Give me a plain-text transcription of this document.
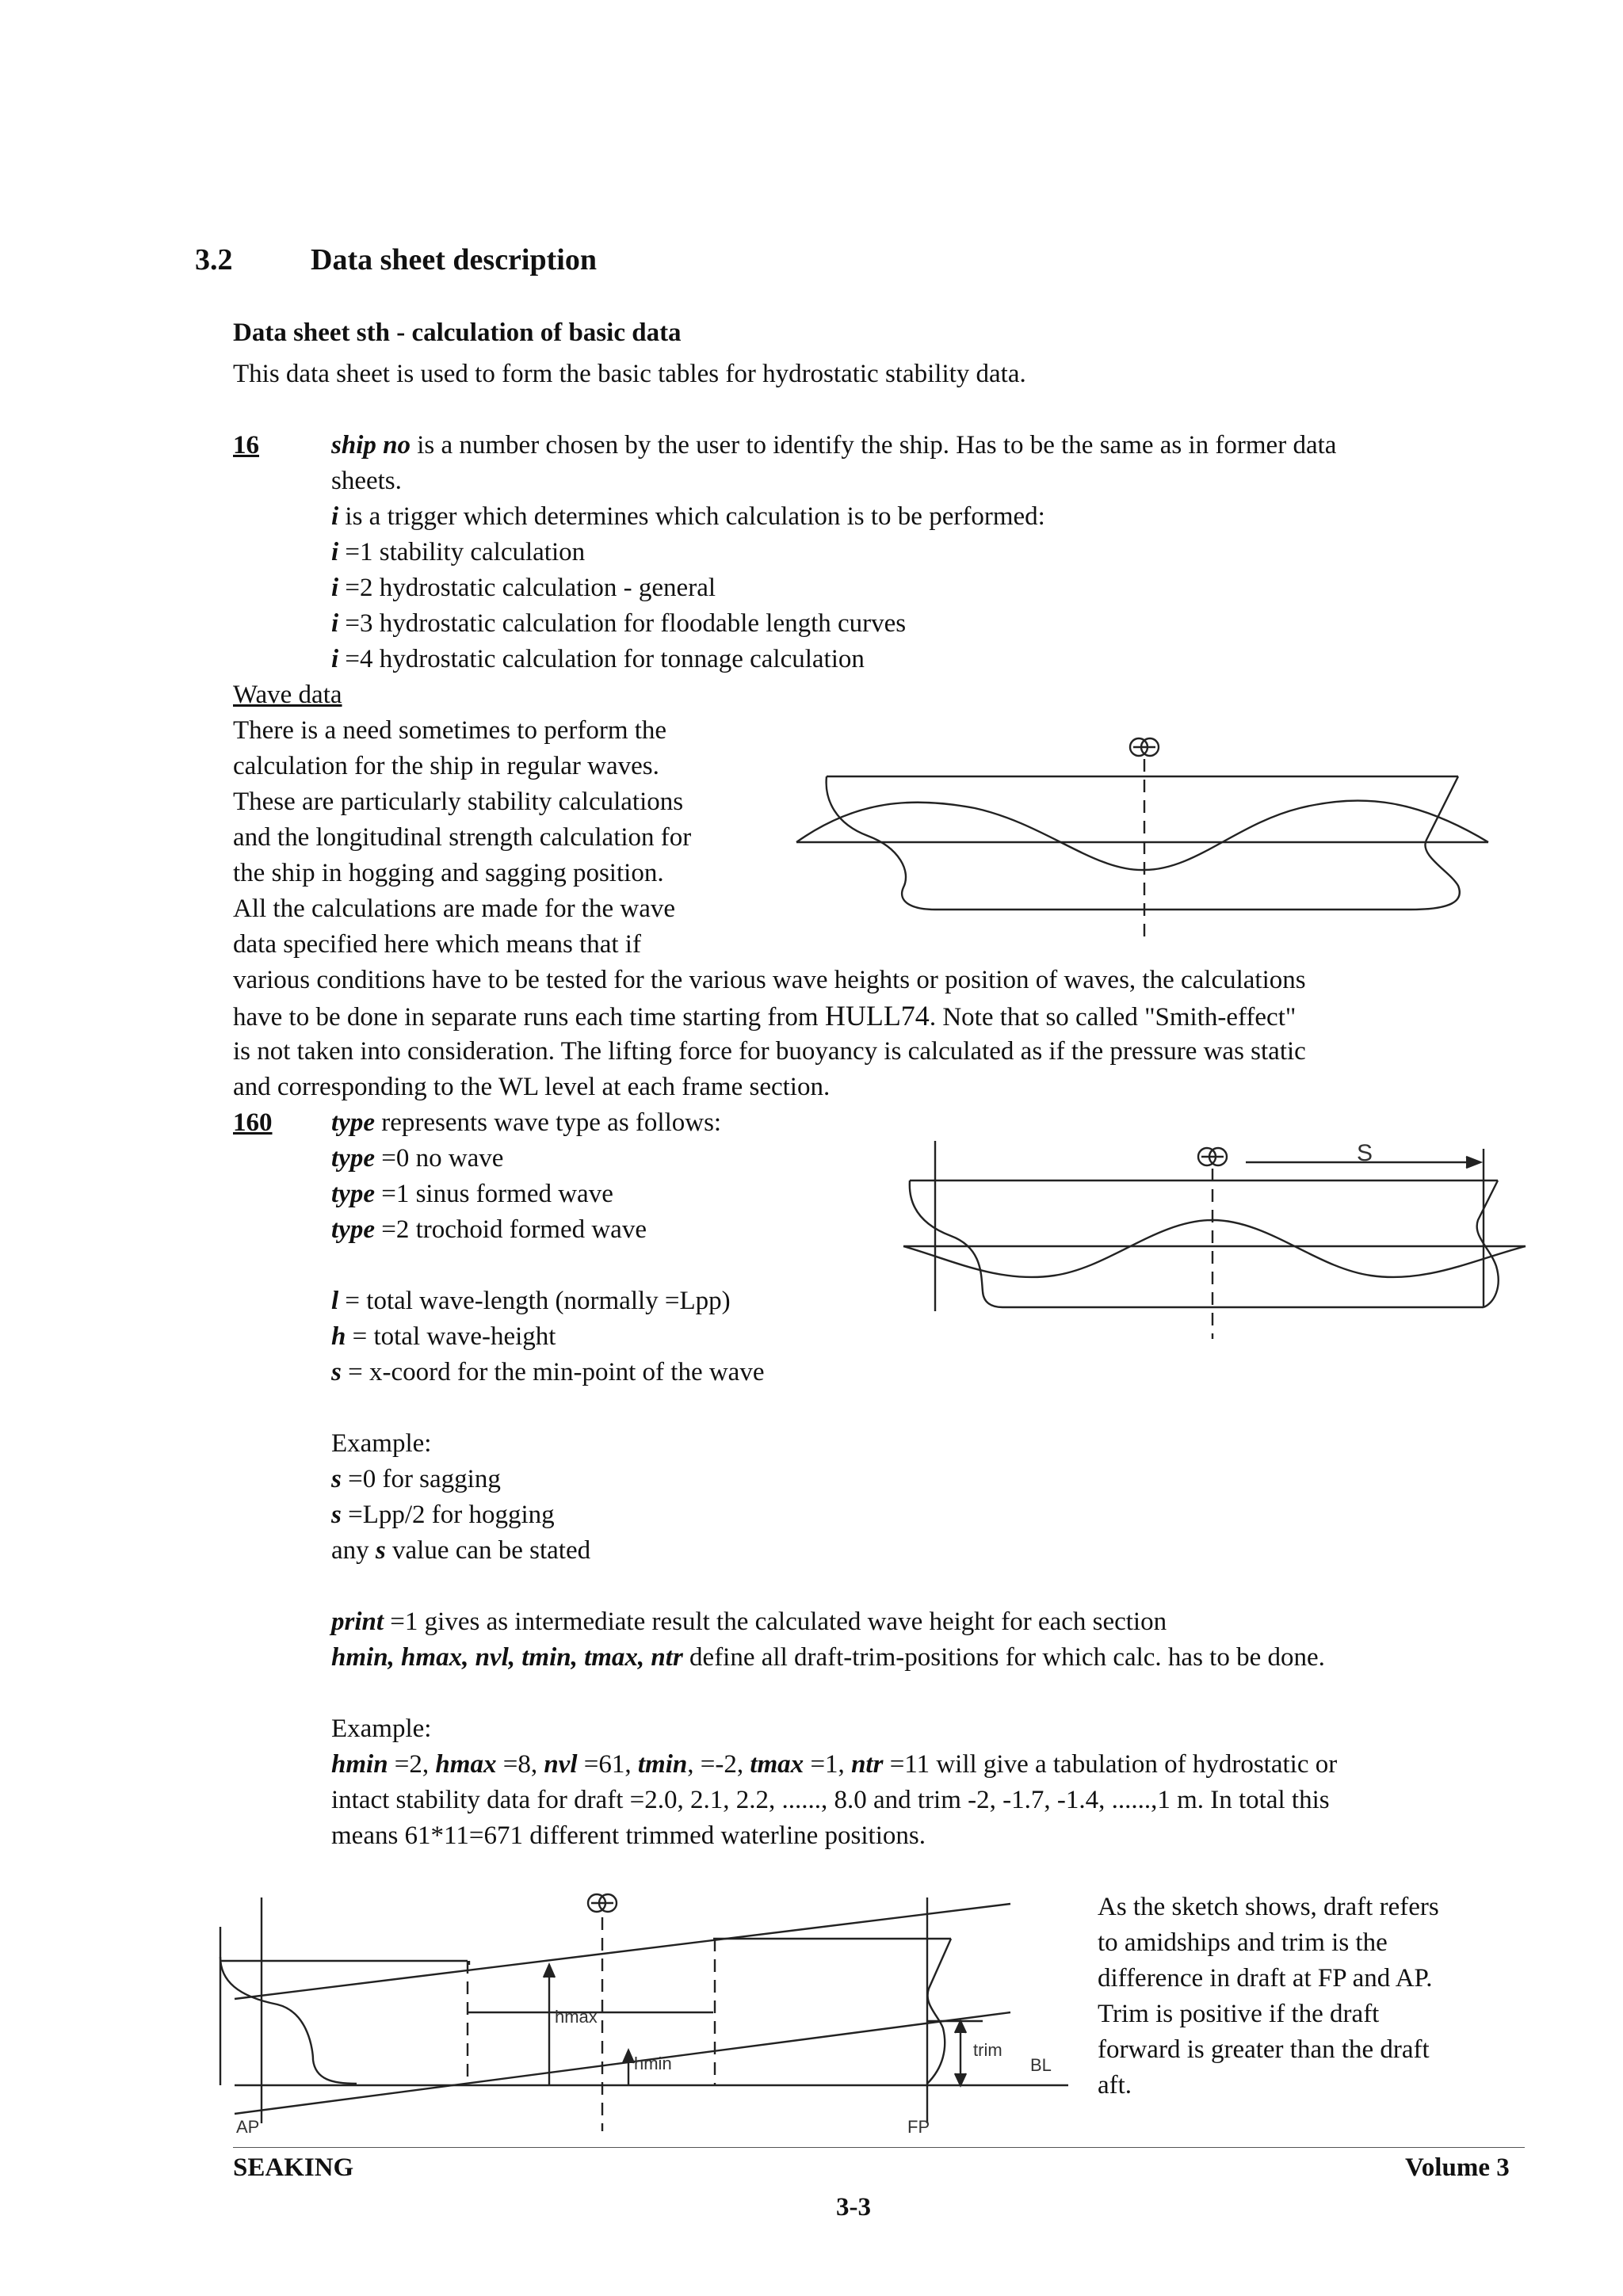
3.2	Data sheet description
Data sheet sth - calculation of basic data
This data sheet is used to form the basic tables for hydrostatic stability data.
16	ship no is a number chosen by the user to identify the ship. Has to be the same as in former data
sheets.
i is a trigger which determines which calculation is to be performed:
i =1 stability calculation
i =2 hydrostatic calculation - general
i =3 hydrostatic calculation for floodable length curves
i =4 hydrostatic calculation for tonnage calculation
Wave data
There is a need sometimes to perform the
calculation for the ship in regular waves.
These are particularly stability calculations
and the longitudinal strength calculation for
the ship in hogging and sagging position.
All the calculations are made for the wave
data specified here which means that if
various conditions have to be tested for the various wave heights or position of waves, the calculations
have to be done in separate runs each time starting from HULL74. Note that so called "Smith-effect"
is not taken into consideration. The lifting force for buoyancy is calculated as if the pressure was static
and corresponding to the WL level at each frame section.
160 type represents wave type as follows:
type =0 no wave
type =1 sinus formed wave
type =2 trochoid formed wave
l = total wave-length (normally =Lpp)
h = total wave-height
s = x-coord for the min-point of the wave
Example:
s =0 for sagging
s =Lpp/2 for hogging
any s value can be stated
print =1 gives as intermediate result the calculated wave height for each section
hmin, hmax, nvl, tmin, tmax, ntr define all draft-trim-positions for which calc. has to be done.
Example:
hmin =2, hmax =8, nvl =61, tmin, =-2, tmax =1, ntr =11 will give a tabulation of hydrostatic or
intact stability data for draft =2.0, 2.1, 2.2, ......, 8.0 and trim -2, -1.7, -1.4, ......,1 m. In total this
means 61*11=671 different trimmed waterline positions.
S
hmax
hmin
trim
BL
AP	FP
As the sketch shows, draft refers
to amidships and trim is the
difference in draft at FP and AP.
Trim is positive if the draft
forward is greater than the draft
aft.
SEAKING	Volume 3
3-3
